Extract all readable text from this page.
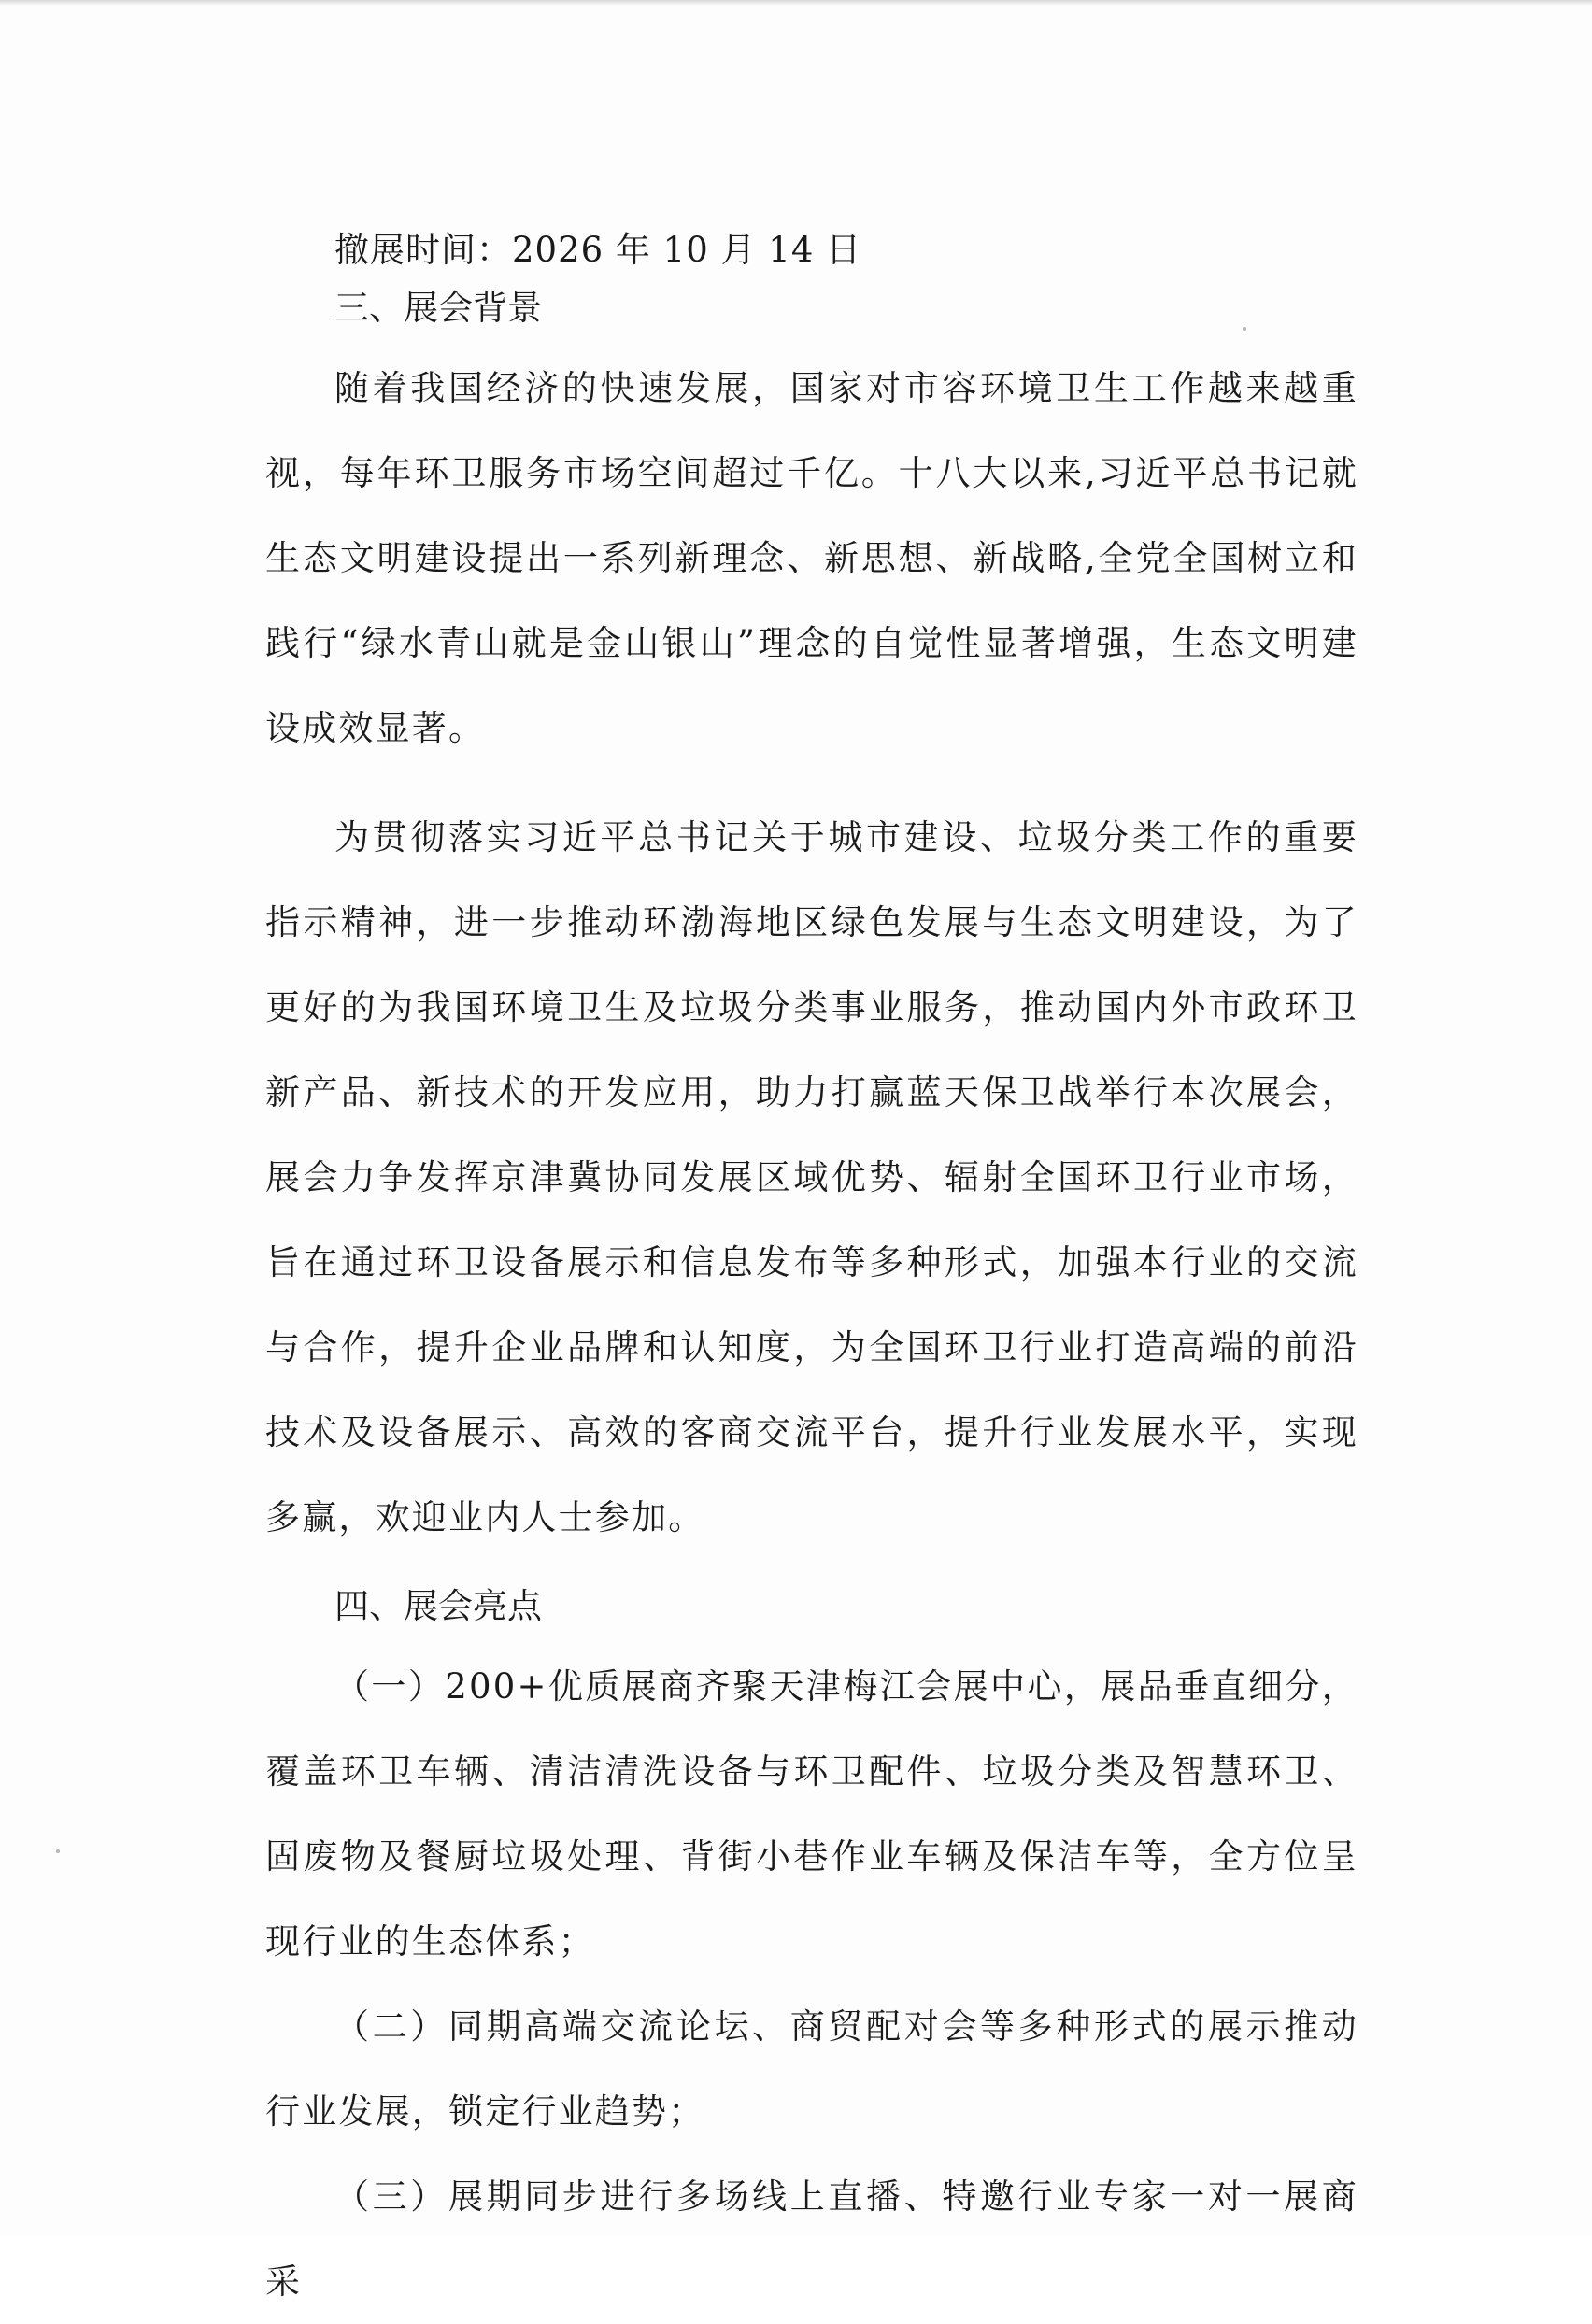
撤展时间：2026 年 10 月 14 日
三、展会背景

随着我国经济的快速发展，国家对市容环境卫生工作越来越重视，每年环卫服务市场空间超过千亿。十八大以来,习近平总书记就生态文明建设提出一系列新理念、新思想、新战略,全党全国树立和践行“绿水青山就是金山银山”理念的自觉性显著增强，生态文明建设成效显著。

为贯彻落实习近平总书记关于城市建设、垃圾分类工作的重要指示精神，进一步推动环渤海地区绿色发展与生态文明建设，为了更好的为我国环境卫生及垃圾分类事业服务，推动国内外市政环卫新产品、新技术的开发应用，助力打赢蓝天保卫战举行本次展会，展会力争发挥京津冀协同发展区域优势、辐射全国环卫行业市场，旨在通过环卫设备展示和信息发布等多种形式，加强本行业的交流与合作，提升企业品牌和认知度，为全国环卫行业打造高端的前沿技术及设备展示、高效的客商交流平台，提升行业发展水平，实现多赢，欢迎业内人士参加。

四、展会亮点

（一）200+优质展商齐聚天津梅江会展中心，展品垂直细分，覆盖环卫车辆、清洁清洗设备与环卫配件、垃圾分类及智慧环卫、固废物及餐厨垃圾处理、背街小巷作业车辆及保洁车等，全方位呈现行业的生态体系；

（二）同期高端交流论坛、商贸配对会等多种形式的展示推动行业发展，锁定行业趋势；

（三）展期同步进行多场线上直播、特邀行业专家一对一展商采
